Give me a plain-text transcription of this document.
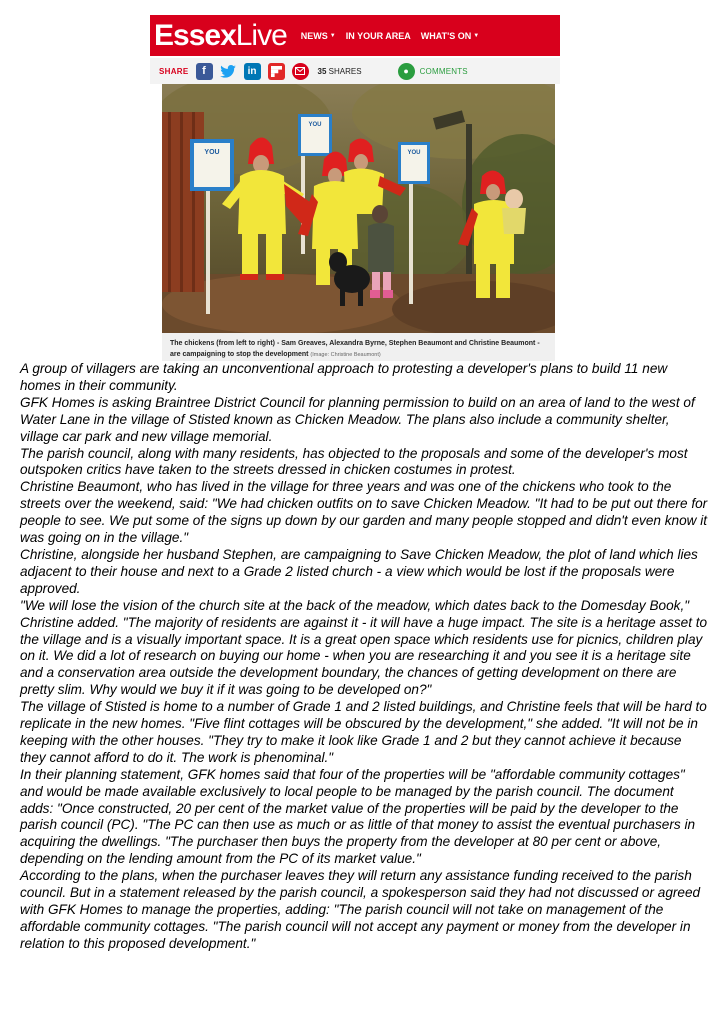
Essex Live NEWS ▼ IN YOUR AREA WHAT'S ON ▼
SHARE	f	in	35 SHARES	●	COMMENTS
YOU
YOU
YOU
The chickens (from left to right) - Sam Greaves, Alexandra Byrne, Stephen Beaumont and Christine Beaumont - are campaigning to stop the development (Image: Christine Beaumont)

A group of villagers are taking an unconventional approach to protesting a developer's plans to build 11 new homes in their community.

GFK Homes is asking Braintree District Council for planning permission to build on an area of land to the west of Water Lane in the village of Stisted known as Chicken Meadow. The plans also include a community shelter, village car park and new village memorial.

The parish council, along with many residents, has objected to the proposals and some of the developer's most outspoken critics have taken to the streets dressed in chicken costumes in protest.

Christine Beaumont, who has lived in the village for three years and was one of the chickens who took to the streets over the weekend, said: "We had chicken outfits on to save Chicken Meadow. "It had to be put out there for people to see. We put some of the signs up down by our garden and many people stopped and didn't even know it was going on in the village."

Christine, alongside her husband Stephen, are campaigning to Save Chicken Meadow, the plot of land which lies adjacent to their house and next to a Grade 2 listed church - a view which would be lost if the proposals were approved.

"We will lose the vision of the church site at the back of the meadow, which dates back to the Domesday Book," Christine added. "The majority of residents are against it - it will have a huge impact. The site is a heritage asset to the village and is a visually important space. It is a great open space which residents use for picnics, children play on it. We did a lot of research on buying our home - when you are researching it and you see it is a heritage site and a conservation area outside the development boundary, the chances of getting development on there are pretty slim. Why would we buy it if it was going to be developed on?"

The village of Stisted is home to a number of Grade 1 and 2 listed buildings, and Christine feels that will be hard to replicate in the new homes. "Five flint cottages will be obscured by the development," she added. "It will not be in keeping with the other houses. "They try to make it look like Grade 1 and 2 but they cannot achieve it because they cannot afford to do it. The work is phenominal."

In their planning statement, GFK homes said that four of the properties will be "affordable community cottages" and would be made available exclusively to local people to be managed by the parish council. The document adds: "Once constructed, 20 per cent of the market value of the properties will be paid by the developer to the parish council (PC). "The PC can then use as much or as little of that money to assist the eventual purchasers in acquiring the dwellings. "The purchaser then buys the property from the developer at 80 per cent or above, depending on the lending amount from the PC of its market value."

According to the plans, when the purchaser leaves they will return any assistance funding received to the parish council. But in a statement released by the parish council, a spokesperson said they had not discussed or agreed with GFK Homes to manage the properties, adding: "The parish council will not take on management of the affordable community cottages. "The parish council will not accept any payment or money from the developer in relation to this proposed development."
